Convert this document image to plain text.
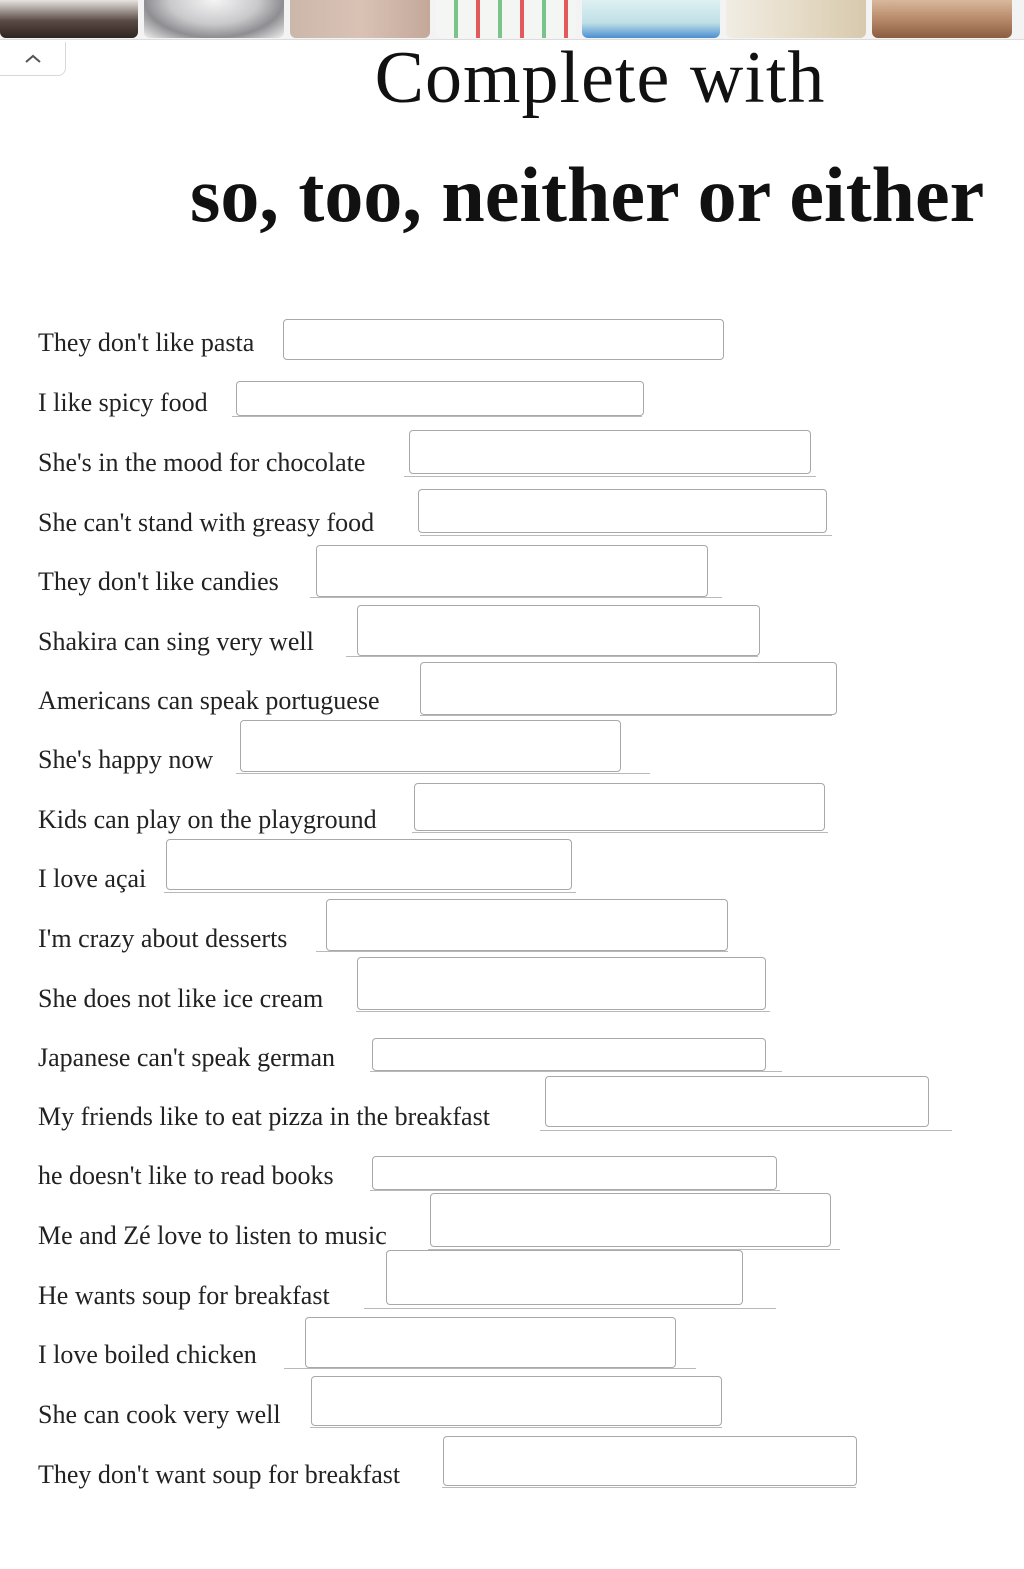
Complete with
so, too, neither or either
They don't like pasta
I like spicy food
She's in the mood for chocolate
She can't stand with greasy food
They don't like candies
Shakira can sing very well
Americans can speak portuguese
She's happy now
Kids can play on the playground
I love açai
I'm crazy about desserts
She does not like ice cream
Japanese can't speak german
My friends like to eat pizza in the breakfast
he doesn't like to read books
Me and Zé love to listen to music
He wants soup for breakfast
I love boiled chicken
She can cook very well
They don't want soup for breakfast
